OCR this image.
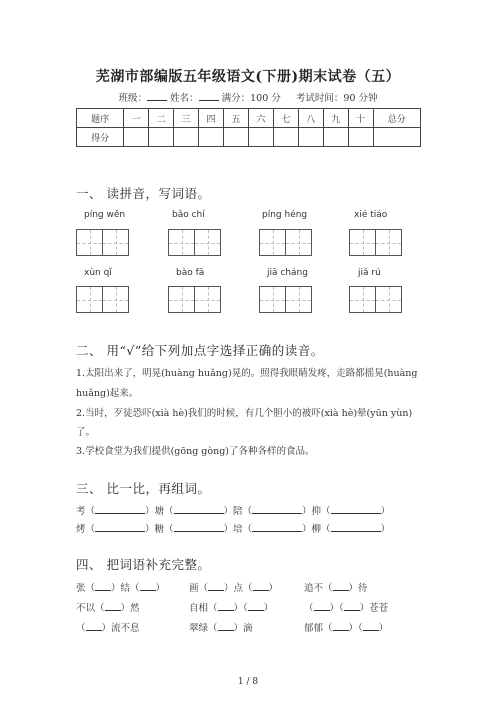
芜湖市部编版五年级语文(下册)期末试卷（五）
班级： 姓名： 满分：100 分 考试时间：90 分钟
题序	一	二	三	四	五	六	七	八	九	十	总分
得分											
一、 读拼音，写词语。
píng wěn	bǎo chí	píng héng	xié tiáo
xùn qǐ	bào fā	jiā cháng	jiǎ rú
二、 用“√”给下列加点字选择正确的读音。
1.太阳出来了，明晃(huàng huǎng)晃的。照得我眼睛发疼，走路都摇晃(huàng
huǎng)起来。
2.当时，歹徒恐吓(xià hè)我们的时候，有几个胆小的被吓(xià hè)晕(yūn yùn)
了。
3.学校食堂为我们提供(gōng gòng)了各种各样的食品。
三、 比一比，再组词。
考（	）塘（	）陪（	）抑（	）
烤（	）糖（	）培（	）柳（	）
四、 把词语补充完整。
张（ ）结（ ）	画（ ）点（ ）	追不（ ）待
不以（ ）然	自相（ ）（ ）	（ ）（ ）苍苍
（ ）流不息	翠绿（ ）滴	郁郁（ ）（ ）
1 / 8
